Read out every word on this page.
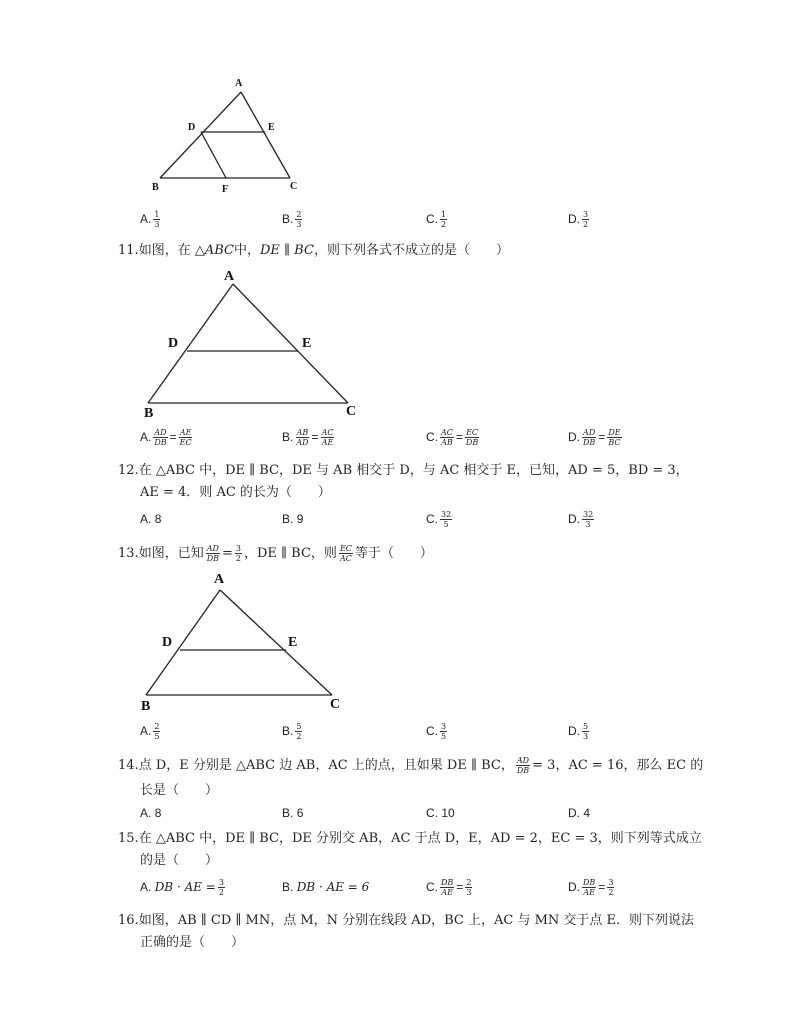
A
D	E
B	F	C
A. $\frac{1}{3}$	B. $\frac{2}{3}$	C. $\frac{1}{2}$	D. $\frac{3}{2}$
11.如图，在 △ABC中，DE ∥ BC，则下列各式不成立的是（　　）
A
D	E
B	C
A. $\frac{AD}{DB} = \frac{AE}{EC}$	B. $\frac{AB}{AD} = \frac{AC}{AE}$	C. $\frac{AC}{AB} = \frac{EC}{DB}$	D. $\frac{AD}{DB} = \frac{DE}{BC}$
12.在 △ABC 中，DE ∥ BC，DE 与 AB 相交于 D，与 AC 相交于 E，已知，AD = 5，BD = 3，
AE = 4．则 AC 的长为（　　）
A. 8	B. 9	C. $\frac{32}{5}$	D. $\frac{32}{3}$
13.如图，已知 $\frac{AD}{DB} = \frac{3}{2}$ ，DE ∥ BC，则 $\frac{EC}{AC}$ 等于（　　）
A
D	E
B	C
A. $\frac{2}{5}$	B. $\frac{5}{2}$	C. $\frac{3}{5}$	D. $\frac{5}{3}$
14.点 D，E 分别是 △ABC 边 AB，AC 上的点，且如果 DE ∥ BC， $\frac{AD}{DB} = 3$，AC = 16，那么 EC 的
长是（　　）
A. 8	B. 6	C. 10	D. 4
15.在 △ABC 中，DE ∥ BC，DE 分别交 AB，AC 于点 D，E，AD = 2，EC = 3，则下列等式成立
的是（　　）
A. DB · AE = $\frac{3}{2}$	B. DB · AE = 6	C. $\frac{DB}{AE} = \frac{2}{3}$	D. $\frac{DB}{AE} = \frac{3}{2}$
16.如图，AB ∥ CD ∥ MN，点 M，N 分别在线段 AD，BC 上，AC 与 MN 交于点 E．则下列说法
正确的是（　　）
